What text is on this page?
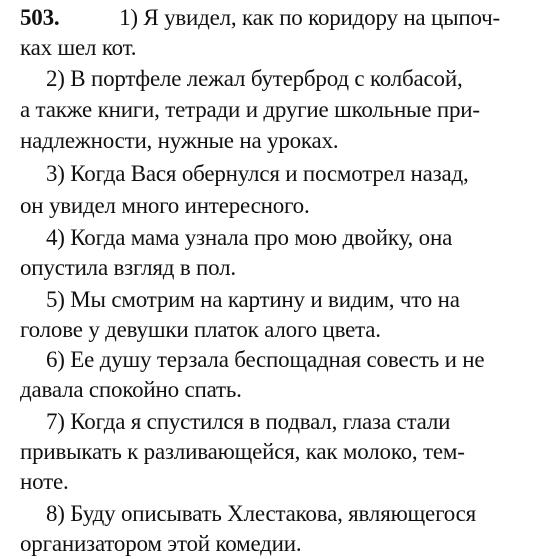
503.	1) Я увидел, как по коридору на цыпоч-
ках шел кот.
2) В портфеле лежал бутерброд с колбасой,
а также книги, тетради и другие школьные при-
надлежности, нужные на уроках.
3) Когда Вася обернулся и посмотрел назад,
он увидел много интересного.
4) Когда мама узнала про мою двойку, она
опустила взгляд в пол.
5) Мы смотрим на картину и видим, что на
голове у девушки платок алого цвета.
6) Ее душу терзала беспощадная совесть и не
давала спокойно спать.
7) Когда я спустился в подвал, глаза стали
привыкать к разливающейся, как молоко, тем-
ноте.
8) Буду описывать Хлестакова, являющегося
организатором этой комедии.
